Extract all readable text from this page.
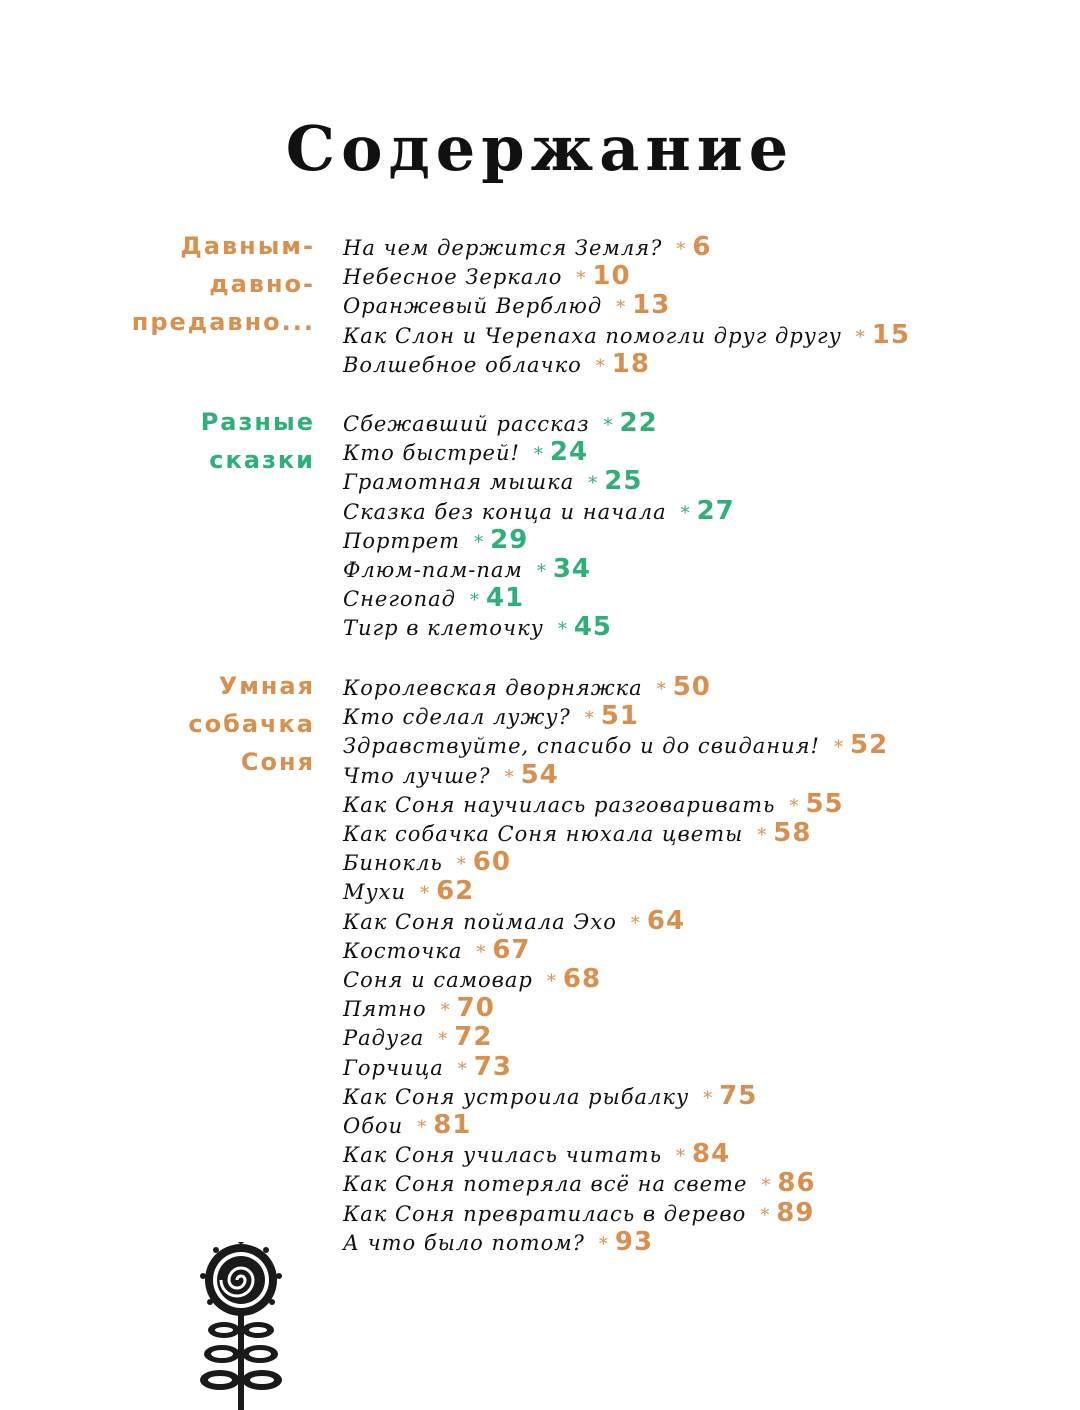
Содержание
Давным-
давно-
предавно...
На чем держится Земля? * 6
Небесное Зеркало * 10
Оранжевый Верблюд * 13
Как Слон и Черепаха помогли друг другу * 15
Волшебное облачко * 18
Разные
сказки
Сбежавший рассказ * 22
Кто быстрей! * 24
Грамотная мышка * 25
Сказка без конца и начала * 27
Портрет * 29
Флюм-пам-пам * 34
Снегопад * 41
Тигр в клеточку * 45
Умная
собачка
Соня
Королевская дворняжка * 50
Кто сделал лужу? * 51
Здравствуйте, спасибо и до свидания! * 52
Что лучше? * 54
Как Соня научилась разговаривать * 55
Как собачка Соня нюхала цветы * 58
Бинокль * 60
Мухи * 62
Как Соня поймала Эхо * 64
Косточка * 67
Соня и самовар * 68
Пятно * 70
Радуга * 72
Горчица * 73
Как Соня устроила рыбалку * 75
Обои * 81
Как Соня училась читать * 84
Как Соня потеряла всё на свете * 86
Как Соня превратилась в дерево * 89
А что было потом? * 93
